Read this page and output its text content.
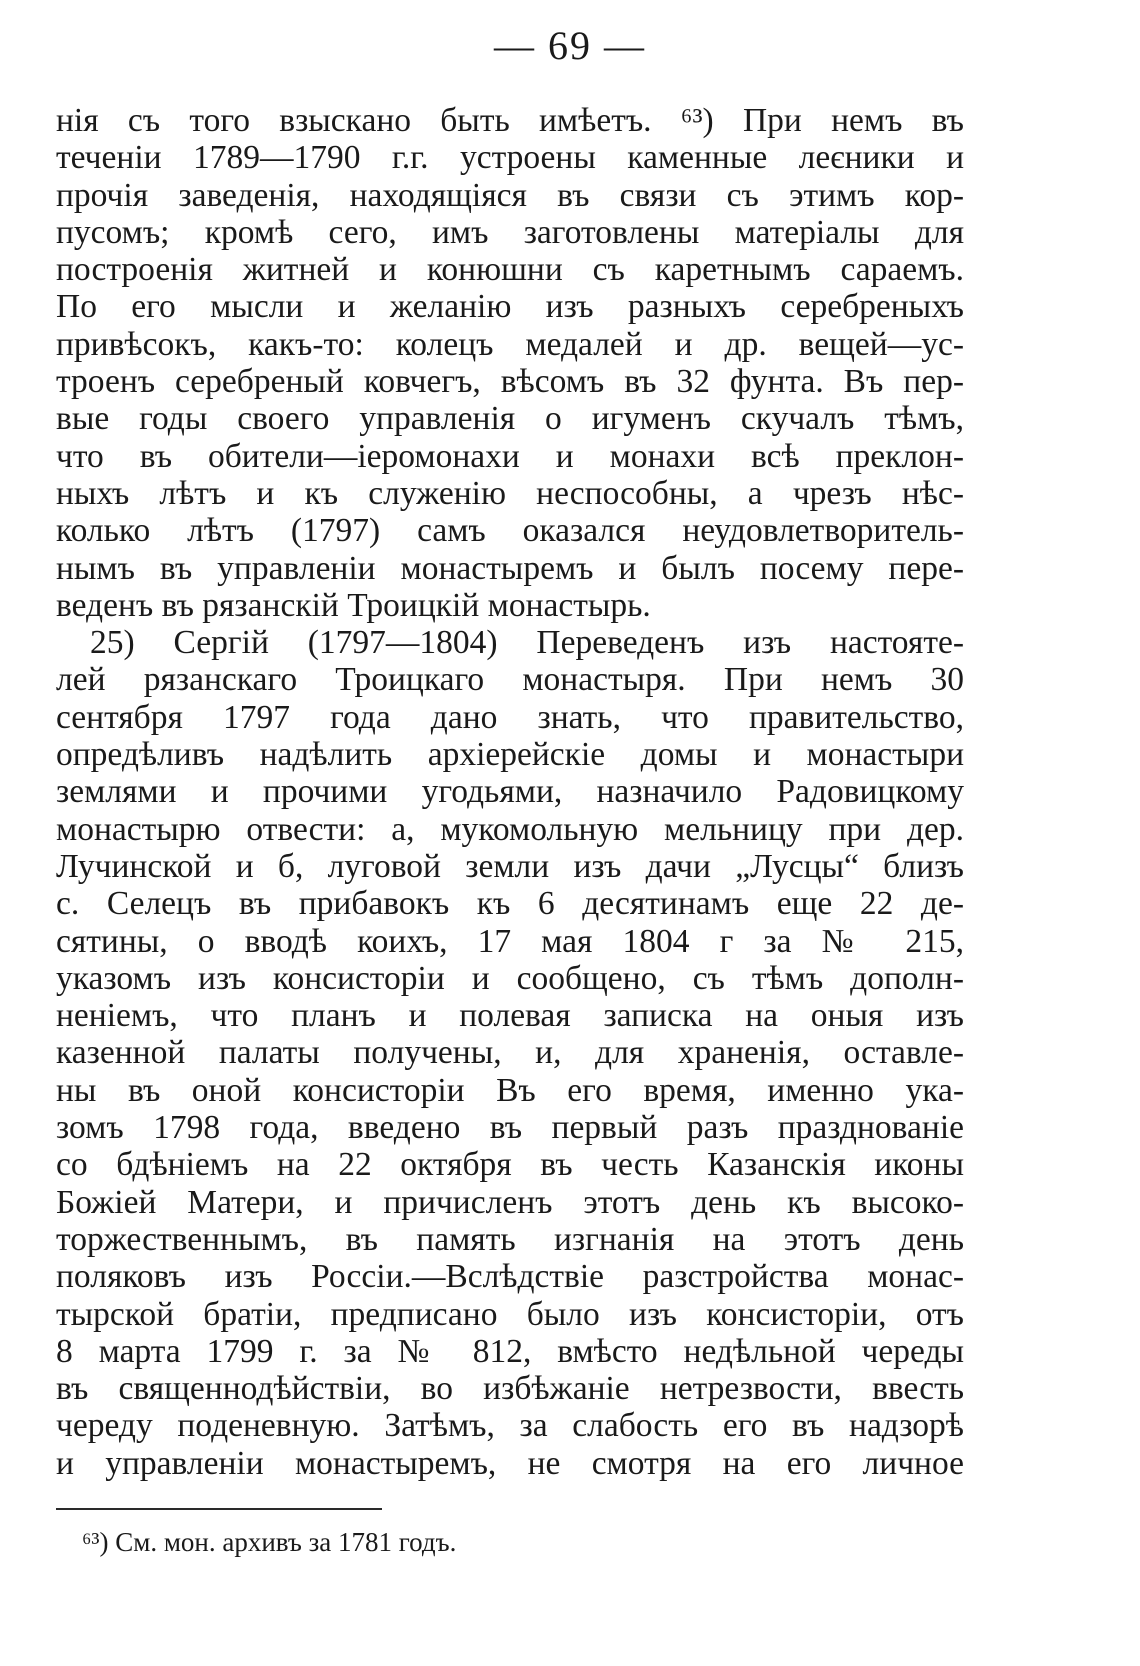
— 69 —
нія съ того взыскано быть имѣетъ. ⁶³) При немъ въ
теченіи 1789—1790 г.г. устроены каменные леєники и
прочія заведенія, находящіяся въ связи съ этимъ кор-
пусомъ; кромѣ сего, имъ заготовлены матеріалы для
построенія житней и конюшни съ каретнымъ сараемъ.
По его мысли и желанію изъ разныхъ серебреныхъ
привѣсокъ, какъ-то: колецъ медалей и др. вещей—ус-
троенъ серебреный ковчегъ, вѣсомъ въ 32 фунта. Въ пер-
вые годы своего управленія о игуменъ скучалъ тѣмъ,
что въ обители—іеромонахи и монахи всѣ преклон-
ныхъ лѣтъ и къ служенію неспособны, а чрезъ нѣс-
колько лѣтъ (1797) самъ оказался неудовлетворитель-
нымъ въ управленіи монастыремъ и былъ посему пере-
веденъ въ рязанскій Троицкій монастырь.
25) Сергій (1797—1804) Переведенъ изъ настояте-
лей рязанскаго Троицкаго монастыря. При немъ 30
сентября 1797 года дано знать, что правительство,
опредѣливъ надѣлить архіерейскіе домы и монастыри
землями и прочими угодьями, назначило Радовицкому
монастырю отвести: а, мукомольную мельницу при дер.
Лучинской и б, луговой земли изъ дачи „Лусцы“ близъ
с. Селецъ въ прибавокъ къ 6 десятинамъ еще 22 де-
сятины, о вводѣ коихъ, 17 мая 1804 г за № 215,
указомъ изъ консисторіи и сообщено, съ тѣмъ дополн-
неніемъ, что планъ и полевая записка на оныя изъ
казенной палаты получены, и, для храненія, оставле-
ны въ оной консисторіи Въ его время, именно ука-
зомъ 1798 года, введено въ первый разъ празднованіе
со бдѣніемъ на 22 октября въ честь Казанскія иконы
Божіей Матери, и причисленъ этотъ день къ высоко-
торжественнымъ, въ память изгнанія на этотъ день
поляковъ изъ Россіи.—Вслѣдствіе разстройства монас-
тырской братіи, предписано было изъ консисторіи, отъ
8 марта 1799 г. за № 812, вмѣсто недѣльной череды
въ священнодѣйствіи, во избѣжаніе нетрезвости, ввесть
череду поденевную. Затѣмъ, за слабость его въ надзорѣ
и управленіи монастыремъ, не смотря на его личное
⁶³) См. мон. архивъ за 1781 годъ.
